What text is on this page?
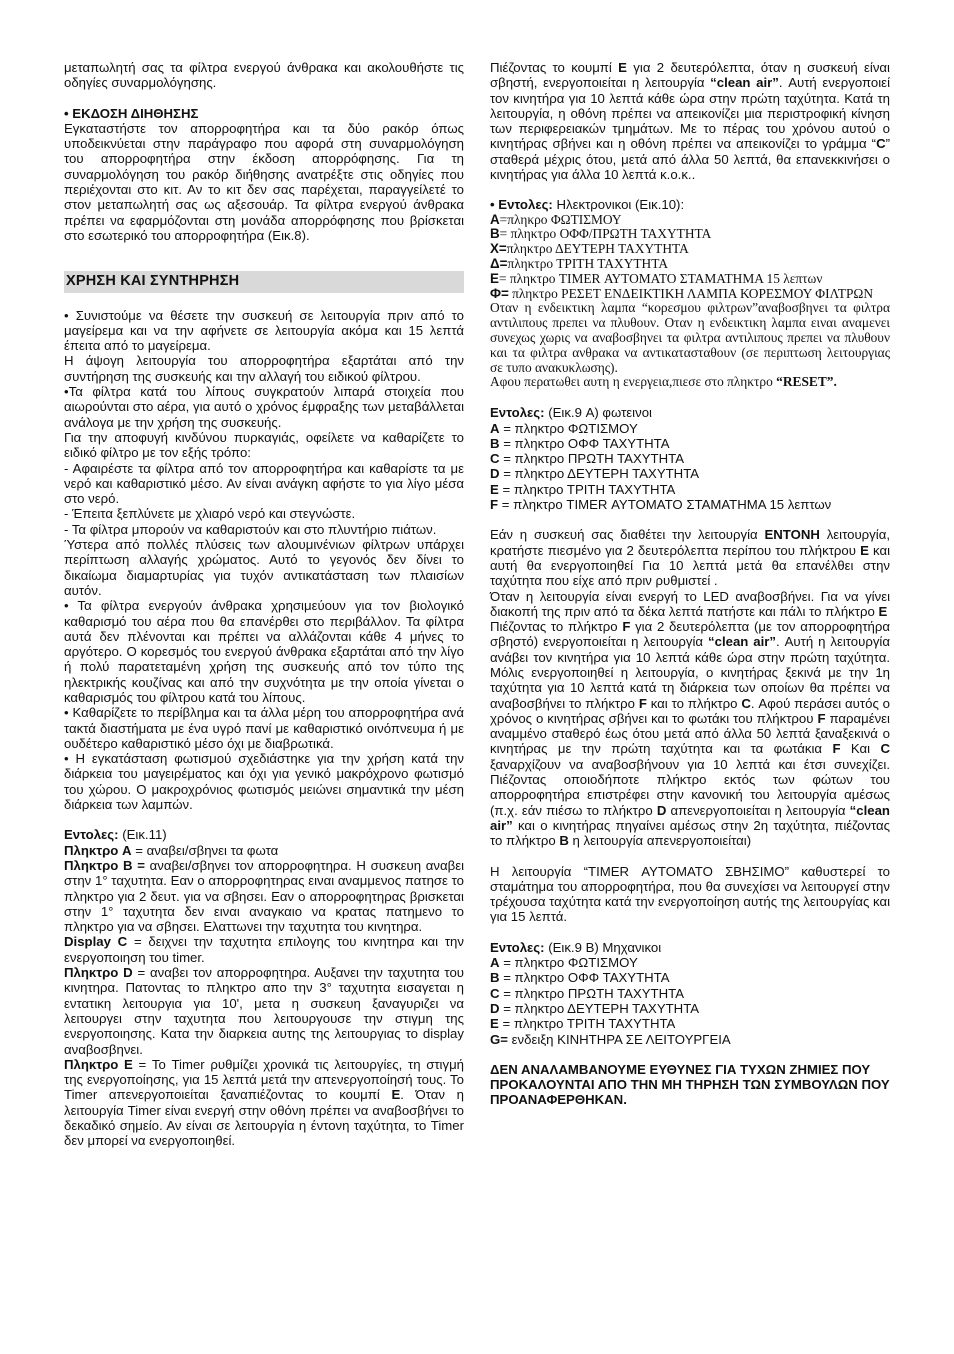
μεταπωλητή σας τα φίλτρα ενεργού άνθρακα και ακολουθήστε τις οδηγίες συναρμολόγησης.

• ΕΚΔΟΣΗ ΔΙΗΘΗΣΗΣ

Εγκαταστήστε τον απορροφητήρα και τα δύο ρακόρ όπως υποδεικνύεται στην παράγραφο που αφορά στη συναρμολόγηση του απορροφητήρα στην έκδοση απορρόφησης. Για τη συναρμολόγηση του ρακόρ διήθησης ανατρέξτε στις οδηγίες που περιέχονται στο κιτ. Αν το κιτ δεν σας παρέχεται, παραγγείλετέ το στον μεταπωλητή σας ως αξεσουάρ. Τα φίλτρα ενεργού άνθρακα πρέπει να εφαρμόζονται στη μονάδα απορρόφησης που βρίσκεται στο εσωτερικό του απορροφητήρα (Εικ.8).

ΧΡΗΣΗ ΚΑΙ ΣΥΝΤΗΡΗΣΗ

• Συνιστούμε να θέσετε την συσκευή σε λειτουργία πριν από το μαγείρεμα και να την αφήνετε σε λειτουργία ακόμα και 15 λεπτά έπειτα από το μαγείρεμα.

Η άψογη λειτουργία του απορροφητήρα εξαρτάται από την συντήρηση της συσκευής και την αλλαγή του ειδικού φίλτρου.

•Τα φίλτρα κατά του λίπους συγκρατούν λιπαρά στοιχεία που αιωρούνται στο αέρα, για αυτό ο χρόνος έμφραξης των μεταβάλλεται ανάλογα με την χρήση της συσκευής.

Για την αποφυγή κινδύνου πυρκαγιάς, οφείλετε να καθαρίζετε το ειδικό φίλτρο με τον εξής τρόπο:

- Αφαιρέστε τα φίλτρα από τον απορροφητήρα και καθαρίστε τα με νερό και καθαριστικό μέσο. Αν είναι ανάγκη αφήστε το για λίγο μέσα στο νερό.

- Έπειτα ξεπλύνετε με χλιαρό νερό και στεγνώστε.

- Τα φίλτρα μπορούν να καθαριστούν και στο πλυντήριο πιάτων.

Ύστερα από πολλές πλύσεις των αλουμινένιων φίλτρων υπάρχει περίπτωση αλλαγής χρώματος. Αυτό το γεγονός δεν δίνει το δικαίωμα διαμαρτυρίας για τυχόν αντικατάσταση των πλαισίων αυτόν.

• Τα φίλτρα ενεργούν άνθρακα χρησιμεύουν για τον βιολογικό καθαρισμό του αέρα που θα επανέρθει στο περιβάλλον. Τα φίλτρα αυτά δεν πλένονται και πρέπει να αλλάζονται κάθε 4 μήνες το αργότερο. Ο κορεσμός του ενεργού άνθρακα εξαρτάται από την λίγο ή πολύ παρατεταμένη χρήση της συσκευής από τον τύπο της ηλεκτρικής κουζίνας και από την συχνότητα με την οποία γίνεται ο καθαρισμός του φίλτρου κατά του λίπους.

• Καθαρίζετε το περίβλημα και τα άλλα μέρη του απορροφητήρα ανά τακτά διαστήματα με ένα υγρό πανί με καθαριστικό οινόπνευμα ή με ουδέτερο καθαριστικό μέσο όχι με διαβρωτικά.

• Η εγκατάσταση φωτισμού σχεδιάστηκε για την χρήση κατά την διάρκεια του μαγειρέματος και όχι για γενικό μακρόχρονο φωτισμό του χώρου. Ο μακροχρόνιος φωτισμός μειώνει σημαντικά την μέση διάρκεια των λαμπών.

Εντολες: (Εικ.11)

Πληκτρο A = αναβει/σβηνει τα φωτα

Πληκτρο B = αναβει/σβηνει τον απορροφητηρα. Η συσκευη αναβει στην 1° ταχυτητα. Εαν ο απορροφητηρας ειναι αναμμενος πατησε το πληκτρο για 2 δευτ. για να σβησει. Εαν ο απορροφητηρας βρισκεται στην 1° ταχυτητα δεν ειναι αναγκαιο να κρατας πατημενο το πληκτρο για να σβησει. Ελαττωνει την ταχυτητα του κινητηρα.

Display C = δειχνει την ταχυτητα επιλογης του κινητηρα και την ενεργοποιηση του timer.

Πληκτρο D = αναβει τον απορροφητηρα. Αυξανει την ταχυτητα του κινητηρα. Πατοντας το πληκτρο απο την 3° ταχυτητα εισαγεται η εντατικη λειτουργια για 10', μετα η συσκευη ξαναγυριζει να λειτουργει στην ταχυτητα που λειτουργουσε την στιγμη της ενεργοποιησης. Κατα την διαρκεια αυτης της λειτουργιας το display αναβοσβηνει.

Πληκτρο E = Το Timer ρυθμίζει χρονικά τις λειτουργίες, τη στιγμή της ενεργοποίησης, για 15 λεπτά μετά την απενεργοποίησή τους. Το Timer απενεργοποιείται ξαναπιέζοντας το κουμπί E. Όταν η λειτουργία Timer είναι ενεργή στην οθόνη πρέπει να αναβοσβήνει το δεκαδικό σημείο. Αν είναι σε λειτουργία η έντονη ταχύτητα, το Timer δεν μπορεί να ενεργοποιηθεί.

Πιέζοντας το κουμπί E για 2 δευτερόλεπτα, όταν η συσκευή είναι σβηστή, ενεργοποιείται η λειτουργία “clean air”. Αυτή ενεργοποιεί τον κινητήρα για 10 λεπτά κάθε ώρα στην πρώτη ταχύτητα. Κατά τη λειτουργία, η οθόνη πρέπει να απεικονίζει μια περιστροφική κίνηση των περιφερειακών τμημάτων. Με το πέρας του χρόνου αυτού ο κινητήρας σβήνει και η οθόνη πρέπει να απεικονίζει το γράμμα “C” σταθερά μέχρις ότου, μετά από άλλα 50 λεπτά, θα επανεκκινήσει ο κινητήρας για άλλα 10 λεπτά κ.ο.κ..

• Εντολες: Ηλεκτρονικοι (Εικ.10):

A=πληκρο ΦΩΤΙΣΜΟΥ
B= πληκτρο ΟΦΦ/ΠΡΩΤΗ ΤΑΧΥΤΗΤΑ
X=πληκτρο ΔΕΥΤΕΡΗ ΤΑΧΥΤΗΤΑ
Δ=πληκτρο ΤΡΙΤΗ ΤΑΧΥΤΗΤΑ
E= πληκτρο TIMER ΑΥΤΟΜΑΤΟ ΣΤΑΜΑΤΗΜΑ 15 λεπτων

Φ= πληκτρο ΡΕΣΕΤ ΕΝΔΕΙΚΤΙΚΗ ΛΑΜΠΑ ΚΟΡΕΣΜΟΥ ΦΙΛΤΡΩΝ

Οταν η ενδεικτικη λαμπα “κορεσμου φιλτρων”αναβοσβηνει τα φιλτρα αντιλιπους πρεπει να πλυθουν. Οταν η ενδεικτικη λαμπα ειναι αναμενει συνεχως χωρις να αναβοσβηνει τα φιλτρα αντιλιπους πρεπει να πλυθουν και τα φιλτρα ανθρακα να αντικατασταθουν (σε περιπτωση λειτουργιας σε τυπο ανακυκλωσης).

Αφου περατωθει αυτη η ενεργεια,πιεσε στο πληκτρο “RESET”.

Εντολες: (Εικ.9 A) φωτεινοι

A = πληκτρο ΦΩΤΙΣΜΟΥ
B = πληκτρο ΟΦΦ ΤΑΧΥΤΗΤΑ
C = πληκτρο ΠΡΩΤΗ ΤΑΧΥΤΗΤΑ
D = πληκτρο ΔΕΥΤΕΡΗ ΤΑΧΥΤΗΤΑ
E = πληκτρο ΤΡΙΤΗ ΤΑΧΥΤΗΤΑ
F = πληκτρο TIMER ΑΥΤΟΜΑΤΟ ΣΤΑΜΑΤΗΜΑ 15 λεπτων

Εάν η συσκευή σας διαθέτει την λειτουργία ΕΝΤΟΝΗ λειτουργία, κρατήστε πιεσμένο για 2 δευτερόλεπτα περίπου του πλήκτρου E και αυτή θα ενεργοποιηθεί Για 10 λεπτά μετά θα επανέλθει στην ταχύτητα που είχε από πριν ρυθμιστεί .

Όταν η λειτουργία είναι ενεργή το LED αναβοσβήνει. Για να γίνει διακοπή της πριν από τα δέκα λεπτά πατήστε και πάλι το πλήκτρο E

Πιέζοντας το πλήκτρο F για 2 δευτερόλεπτα (με τον απορροφητήρα σβηστό) ενεργοποιείται η λειτουργία “clean air”. Αυτή η λειτουργία ανάβει τον κινητήρα για 10 λεπτά κάθε ώρα στην πρώτη ταχύτητα. Μόλις ενεργοποιηθεί η λειτουργία, ο κινητήρας ξεκινά με την 1η ταχύτητα για 10 λεπτά κατά τη διάρκεια των οποίων θα πρέπει να αναβοσβήνει το πλήκτρο F και το πλήκτρο C. Αφού περάσει αυτός ο χρόνος ο κινητήρας σβήνει και το φωτάκι του πλήκτρου F παραμένει αναμμένο σταθερό έως ότου μετά από άλλα 50 λεπτά ξαναξεκινά ο κινητήρας με την πρώτη ταχύτητα και τα φωτάκια F Και C ξαναρχίζουν να αναβοσβήνουν για 10 λεπτά και έτσι συνεχίζει. Πιέζοντας οποιοδήποτε πλήκτρο εκτός των φώτων του απορροφητήρα επιστρέφει στην κανονική του λειτουργία αμέσως (π.χ. εάν πιέσω το πλήκτρο D απενεργοποιείται η λειτουργία “clean air” και ο κινητήρας πηγαίνει αμέσως στην 2η ταχύτητα, πιέζοντας το πλήκτρο B η λειτουργία απενεργοποιείται)

Η λειτουργία “TIMER ΑΥΤΟΜΑΤΟ ΣΒΗΣΙΜΟ” καθυστερεί το σταμάτημα του απορροφητήρα, που θα συνεχίσει να λειτουργεί στην τρέχουσα ταχύτητα κατά την ενεργοποίηση αυτής της λειτουργίας και για 15 λεπτά.

Εντολες: (Εικ.9 B) Μηχανικοι

A = πληκτρο ΦΩΤΙΣΜΟΥ
B = πληκτρο ΟΦΦ ΤΑΧΥΤΗΤΑ
C = πληκτρο ΠΡΩΤΗ ΤΑΧΥΤΗΤΑ
D = πληκτρο ΔΕΥΤΕΡΗ ΤΑΧΥΤΗΤΑ
E = πληκτρο ΤΡΙΤΗ ΤΑΧΥΤΗΤΑ
G= ενδειξη ΚΙΝΗΤΗΡΑ ΣΕ ΛΕΙΤΟΥΡΓΕΙΑ

ΔΕΝ ΑΝΑΛΑΜΒΑΝΟΥΜΕ ΕΥΘΥΝΕΣ ΓΙΑ ΤΥΧΩΝ ΖΗΜΙΕΣ ΠΟΥ ΠΡΟΚΑΛΟΥΝΤΑΙ ΑΠΟ ΤΗΝ ΜΗ ΤΗΡΗΣΗ ΤΩΝ ΣΥΜΒΟΥΛΩΝ ΠΟΥ ΠΡΟΑΝΑΦΕΡΘΗΚΑΝ.
